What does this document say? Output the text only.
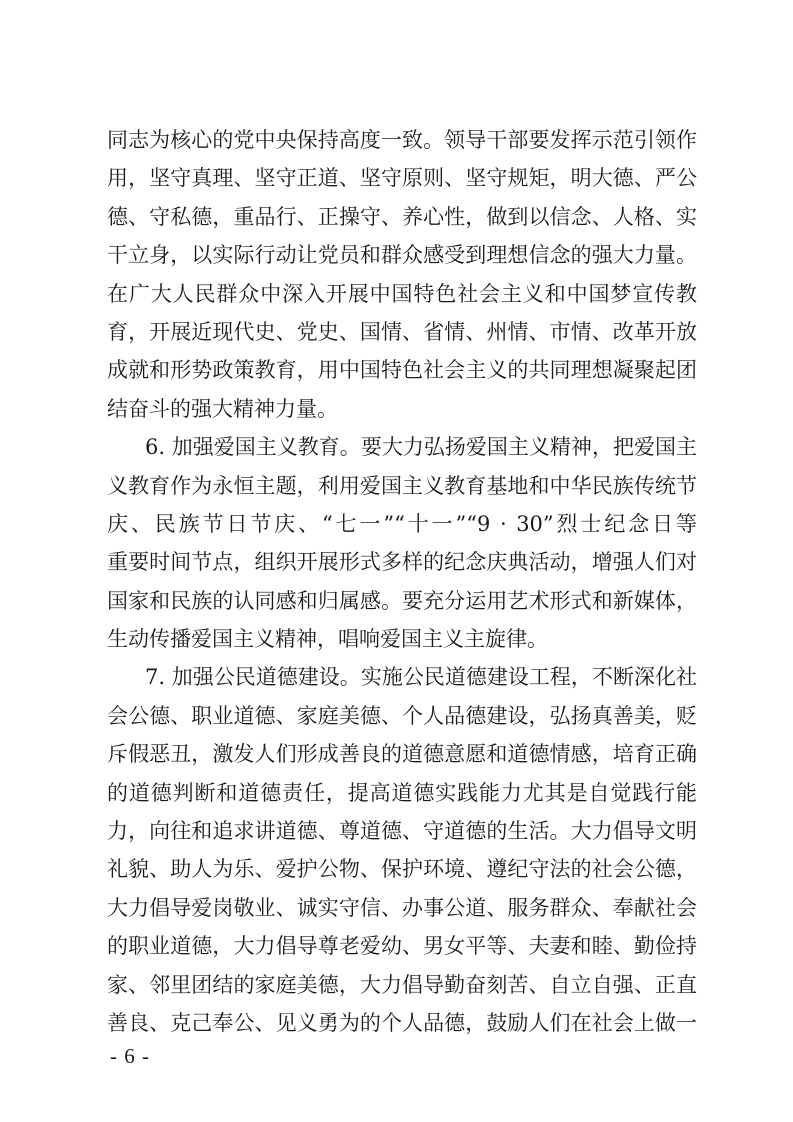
同志为核心的党中央保持高度一致。领导干部要发挥示范引领作
用，坚守真理、坚守正道、坚守原则、坚守规矩，明大德、严公
德、守私德，重品行、正操守、养心性，做到以信念、人格、实
干立身，以实际行动让党员和群众感受到理想信念的强大力量。
在广大人民群众中深入开展中国特色社会主义和中国梦宣传教
育，开展近现代史、党史、国情、省情、州情、市情、改革开放
成就和形势政策教育，用中国特色社会主义的共同理想凝聚起团
结奋斗的强大精神力量。
6. 加强爱国主义教育。要大力弘扬爱国主义精神，把爱国主
义教育作为永恒主题，利用爱国主义教育基地和中华民族传统节
庆、民族节日节庆、“七一”“十一”“9 · 30”烈士纪念日等
重要时间节点，组织开展形式多样的纪念庆典活动，增强人们对
国家和民族的认同感和归属感。要充分运用艺术形式和新媒体，
生动传播爱国主义精神，唱响爱国主义主旋律。
7. 加强公民道德建设。实施公民道德建设工程，不断深化社
会公德、职业道德、家庭美德、个人品德建设，弘扬真善美，贬
斥假恶丑，激发人们形成善良的道德意愿和道德情感，培育正确
的道德判断和道德责任，提高道德实践能力尤其是自觉践行能
力，向往和追求讲道德、尊道德、守道德的生活。大力倡导文明
礼貌、助人为乐、爱护公物、保护环境、遵纪守法的社会公德，
大力倡导爱岗敬业、诚实守信、办事公道、服务群众、奉献社会
的职业道德，大力倡导尊老爱幼、男女平等、夫妻和睦、勤俭持
家、邻里团结的家庭美德，大力倡导勤奋刻苦、自立自强、正直
善良、克己奉公、见义勇为的个人品德，鼓励人们在社会上做一
- 6 -
